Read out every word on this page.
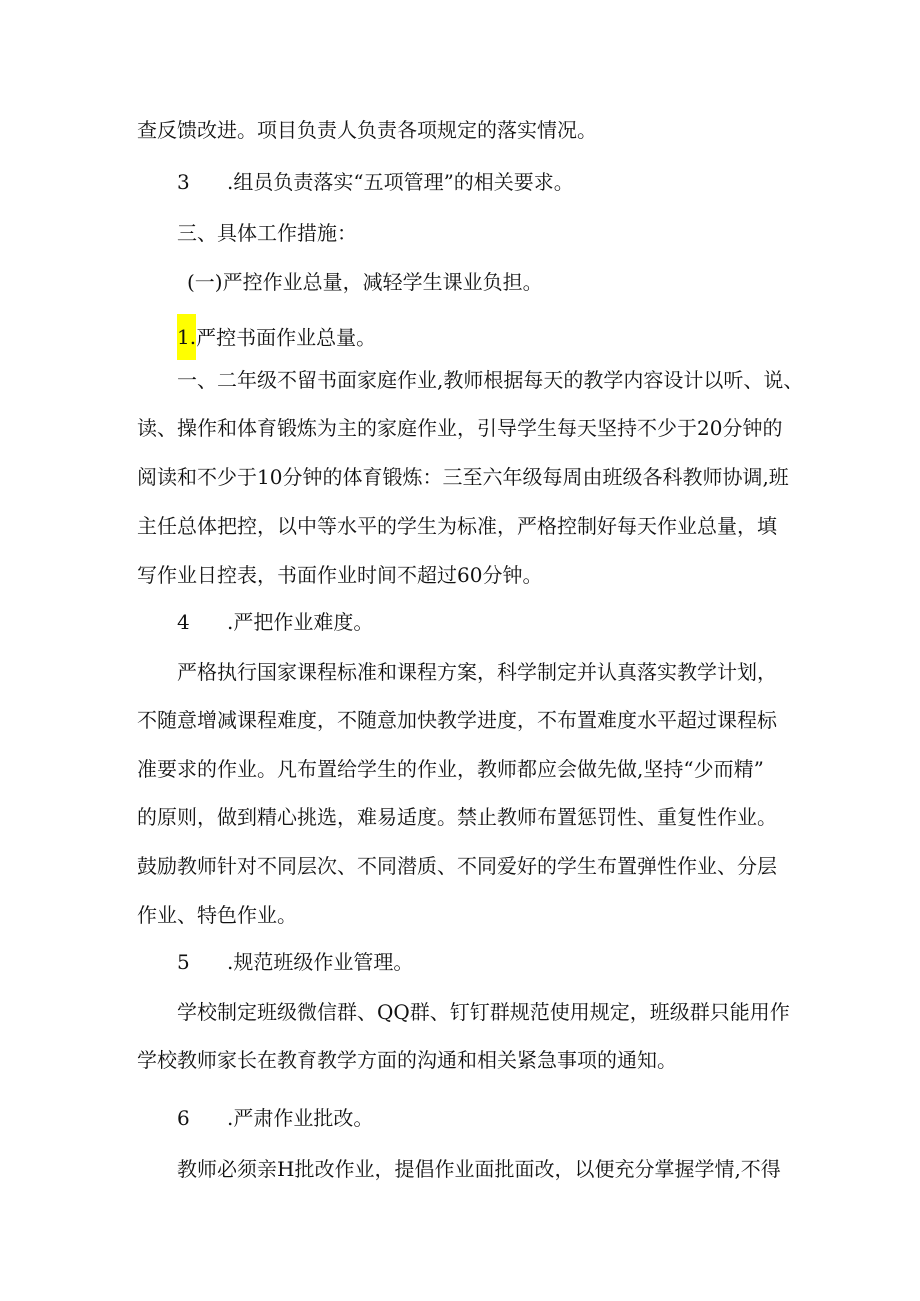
查反馈改进。项目负责人负责各项规定的落实情况。
3 .组员负责落实“五项管理”的相关要求。
三、具体工作措施：
(一)严控作业总量，减轻学生课业负担。
1.严控书面作业总量。
一、二年级不留书面家庭作业,教师根据每天的教学内容设计以听、说、
读、操作和体育锻炼为主的家庭作业，引导学生每天坚持不少于20分钟的
阅读和不少于10分钟的体育锻炼：三至六年级每周由班级各科教师协调,班
主任总体把控，以中等水平的学生为标准，严格控制好每天作业总量，填
写作业日控表，书面作业时间不超过60分钟。
4 .严把作业难度。
严格执行国家课程标准和课程方案，科学制定并认真落实教学计划，
不随意增减课程难度，不随意加快教学进度，不布置难度水平超过课程标
准要求的作业。凡布置给学生的作业，教师都应会做先做,坚持“少而精”
的原则，做到精心挑选，难易适度。禁止教师布置惩罚性、重复性作业。
鼓励教师针对不同层次、不同潜质、不同爱好的学生布置弹性作业、分层
作业、特色作业。
5 .规范班级作业管理。
学校制定班级微信群、QQ群、钉钉群规范使用规定，班级群只能用作
学校教师家长在教育教学方面的沟通和相关紧急事项的通知。
6 .严肃作业批改。
教师必须亲H批改作业，提倡作业面批面改，以便充分掌握学情,不得
